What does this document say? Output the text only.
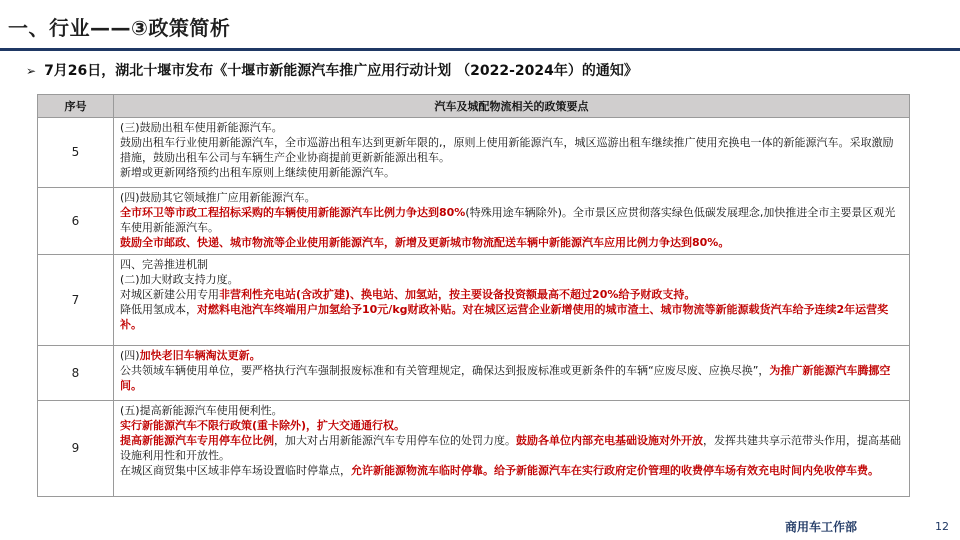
一、行业——③政策简析
➢ 7月26日，湖北十堰市发布《十堰市新能源汽车推广应用行动计划 （2022-2024年）的通知》
序号	汽车及城配物流相关的政策要点
5	(三)鼓励出租车使用新能源汽车。
鼓励出租车行业使用新能源汽车，全市巡游出租车达到更新年限的,，原则上使用新能源汽车，城区巡游出租车继续推广使用充换电一体的新能源汽车。采取激励措施，鼓励出租车公司与车辆生产企业协商提前更新新能源出租车。
新增或更新网络预约出租车原则上继续使用新能源汽车。

6	(四)鼓励其它领域推广应用新能源汽车。
全市环卫等市政工程招标采购的车辆使用新能源汽车比例力争达到80%(特殊用途车辆除外)。全市景区应贯彻落实绿色低碳发展理念,加快推进全市主要景区观光车使用新能源汽车。
鼓励全市邮政、快递、城市物流等企业使用新能源汽车，新增及更新城市物流配送车辆中新能源汽车应用比例力争达到80%。

7	四、完善推进机制
(二)加大财政支持力度。
对城区新建公用专用非营利性充电站(含改扩建)、换电站、加氢站，按主要设备投资额最高不超过20%给予财政支持。
降低用氢成本，对燃料电池汽车终端用户加氢给予10元/kg财政补贴。对在城区运营企业新增使用的城市渣土、城市物流等新能源载货汽车给予连续2年运营奖补。

8	(四)加快老旧车辆淘汰更新。
公共领域车辆使用单位，要严格执行汽车强制报废标准和有关管理规定，确保达到报废标准或更新条件的车辆“应废尽废、应换尽换”，为推广新能源汽车腾挪空间。

9	(五)提高新能源汽车使用便利性。
实行新能源汽车不限行政策(重卡除外)，扩大交通通行权。
提高新能源汽车专用停车位比例，加大对占用新能源汽车专用停车位的处罚力度。鼓励各单位内部充电基础设施对外开放，发挥共建共享示范带头作用，提高基础设施利用性和开放性。
在城区商贸集中区域非停车场设置临时停靠点，允许新能源物流车临时停靠。给予新能源汽车在实行政府定价管理的收费停车场有效充电时间内免收停车费。
商用车工作部	12
